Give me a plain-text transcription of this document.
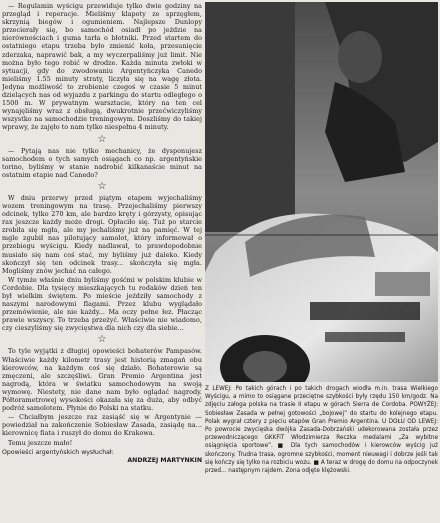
— Regulamin wyścigu przewiduje tylko dwie godziny na przegląd i reperacje. Mieliśmy klapoty ze sprzęgłem, skrzynią biegów i ogumieniem. Najlepsze Dunlopy przecierały się, bo samochód osiadł po jeździe na nierównościach i guma tarła o błotniki. Przed startem do ostatniego etapu trzeba było zmienić koła, przesunięcie zderzaka, naprawić bak, a my wyczerpaliśmy już limit. Nie można było tego robić w drodze. Każda minuta zwłoki w sytuacji, gdy do zwodowaniu Argentyńczyka Canedo mieliśmy 1.55 minuty straty, liczyła się na wagę złota. Jedyna możliwość to zrobienie czegoś w czasie 5 minut dzielących nas od wyjazdu z parkingu do startu odległego o 1500 m. W prywatnym warsztacie, który na ten cel wynajęliśmy wraz z obsługą, dwukrotnie przećwiczyliśmy wszystko na samochodzie treningowym. Doszliśmy do takiej wprawy, że zajęło to nam tylko niespełna 4 minuty.

☆

— Pytają nas nie tylko mechanicy, że dysponujesz samochodem o tych samych osiągach co np. argentyńskie torino, byliśmy w stanie nadrobić kilkanaście minut na ostatnim etapie nad Canedo?

☆

W dniu przerwy przed piątym etapem wyjechaliśmy wozem treningowym na trasę. Przejechaliśmy pierwszy odcinek, tylko 270 km, ale bardzo kręty i górzysty, opisując rax jeszcze każdy może drogi. Opłaciło się. Tuż po starcie zrobiła się mgła, ale my jechaliśmy już na pamięć. W tej mgle zgubił nas pilotujący samolot, który informował o przebiegu wyścigu. Kiedy nadlawał, to prawdopodobnie musiało się nam coś stać, my byliśmy już daleko. Kiedy skończył się ten odcinek trasy... skończyła się mgła. Mogliśmy znów jechać na całego.

W tymże właśnie dniu byliśmy gośćmi w polskim klubie w Cordobie. Dla tysięcy mieszkających tu rodaków dzień ten był wielkim świętem. Po mieście jeździły samochody z naszymi narodowymi flagami. Przez klubu wyglądało przemówienie, ale nie każdy... Ma oczy pełne łez. Płacząc prawie wszyscy. To trzeba przeżyć. Właściwie nie wiadomo, czy cieszyliśmy się zwycięstwa dla nich czy dla siebie...

☆

To tyle wyjątki z długiej opowieści bohaterów Pampasów. Właściwie każdy kilometr trasy jest historią zmagań obu kierowców, na każdym coś się działo. Bohaterowie są zmęczeni, ale szczęśliwi. Gran Premio Argentina jest nagrodą, która w światku samochodowym na swoją wymowę. Niestety, nie dane nam było oglądać nagrody. Półtorametrowej wysokości okazała się za duża, aby odbyć podróż samolotem. Płynie do Polski na statku.

— Chciałbym jeszcze raz zasiąść się w Argentynie — powiedział na zakończenie Sobiesław Zasada, zasiądę na... kierownicę fiata i ruszył do domu do Krakowa.

Temu jeszcze mało!

Opowieści argentyńskich wysłuchał:
ANDRZEJ MARTYNKIN

Z LEWEJ: Po takich górach i po takich drogach wiodła m.in. trasa Wielkiego Wyścigu, a mimo to osiągane przeciętne szybkości były rzędu 150 km/godz. Na zdjęciu załoga polska na trasie II etapu w górach Sierra de Cordoba. POWYŻEJ: Sobiesław Zasada w pełnej gotowości „bojowej” do startu do kolejnego etapu. Polak wygrał cztery z pięciu etapów Gran Premio Argentina. U DOŁU OD LEWEJ: Po powrocie zwycięska dwójka Zasada-Dobrzański udekorowana została przez przewodniczącego GKKFiT Włodzimierza Reczka medalami „Za wybitne osiągnięcia sportowe”. ■ Dla tych samochodów i kierowców wyścig już skończony. Trudna trasa, ogromne szybkości, moment nieuwagi i dobrze jeśli tak się kończy się tylko na rozbiciu wozu. ■ A teraz w drogę do domu na odpoczynek przed... następnym rajdem. Zona odjęte klężowski.
